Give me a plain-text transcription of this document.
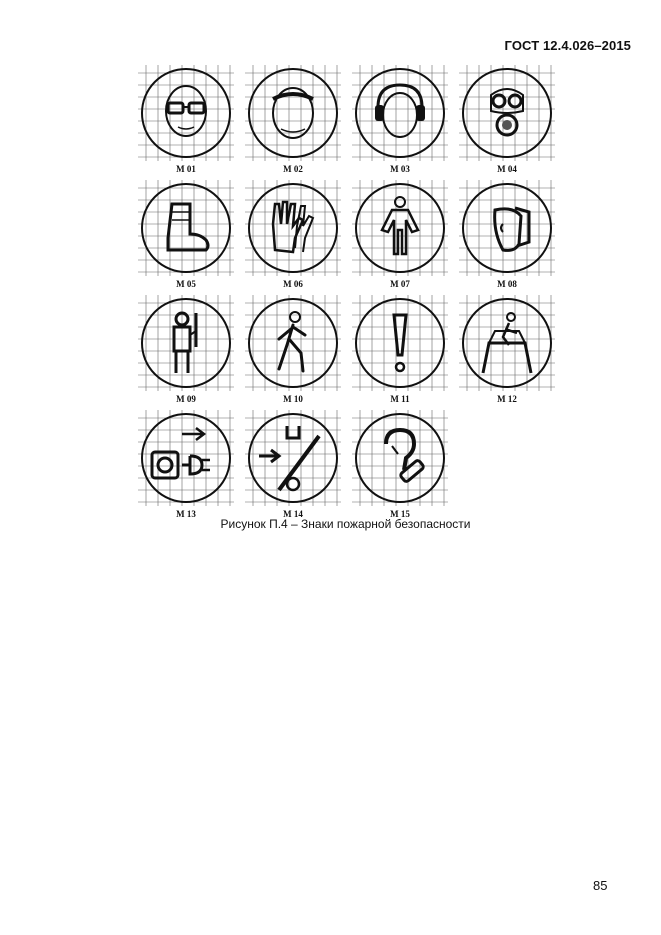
ГОСТ 12.4.026–2015
M 01	M 02	M 03	M 04
M 05	M 06	M 07	M 08
M 09	M 10	M 11	M 12
M 13	M 14	M 15
Рисунок П.4 – Знаки пожарной безопасности
85
